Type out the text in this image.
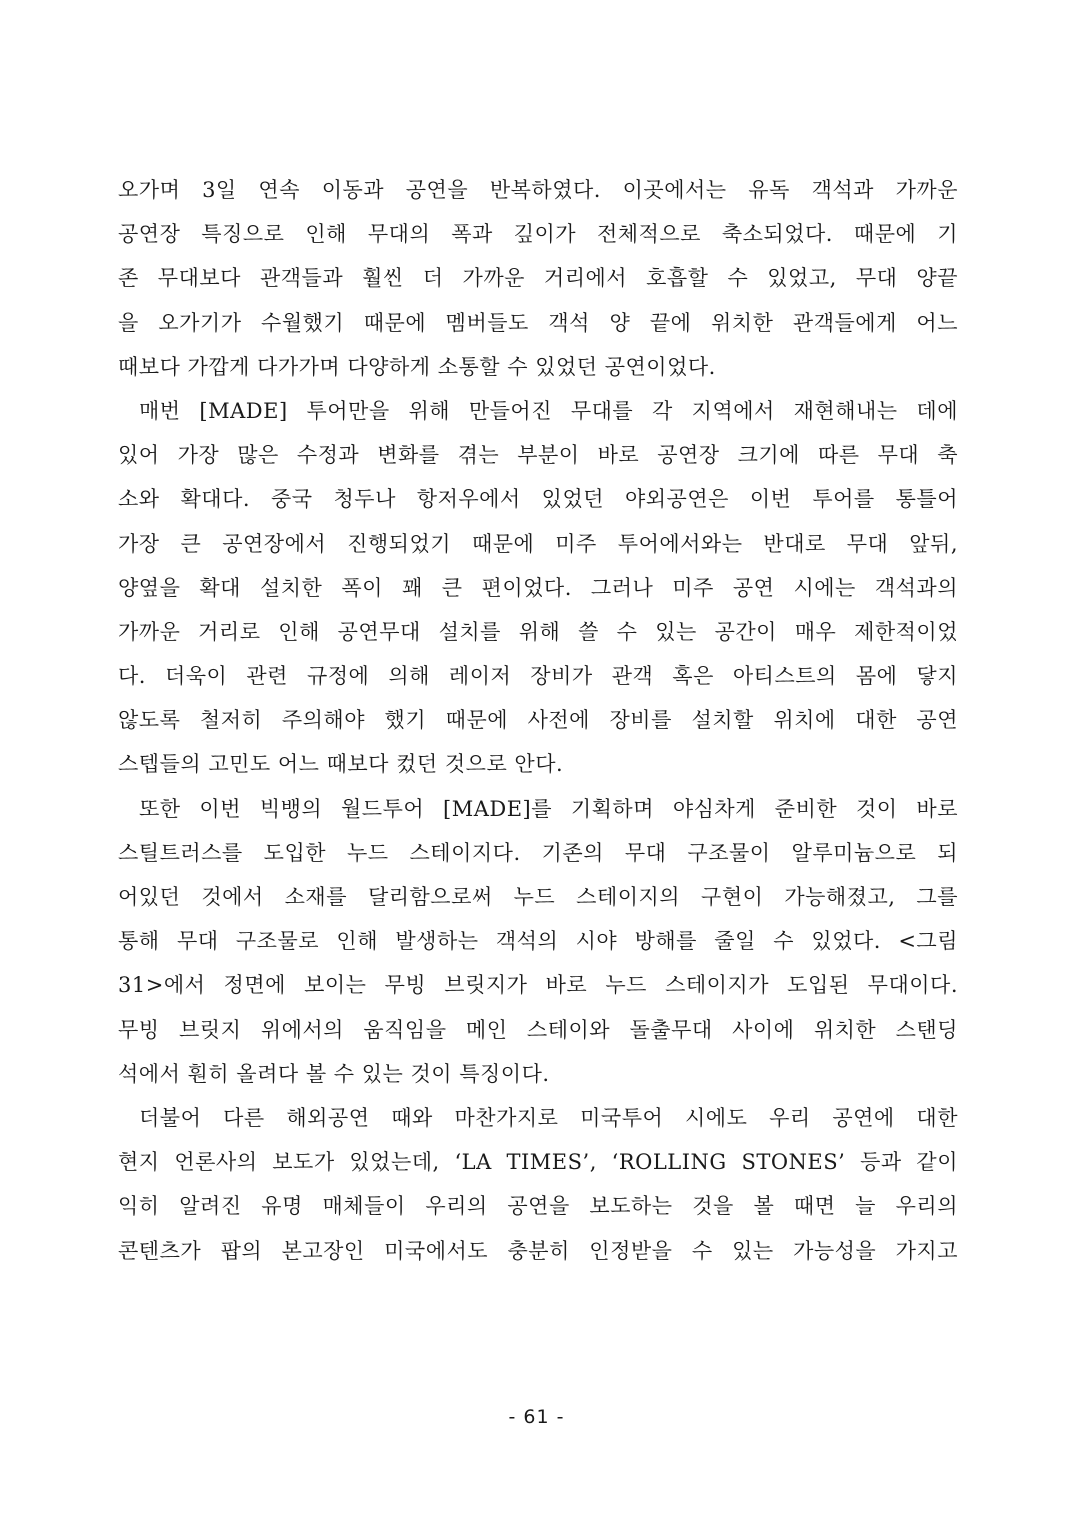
오가며 3일 연속 이동과 공연을 반복하였다. 이곳에서는 유독 객석과 가까운
공연장 특징으로 인해 무대의 폭과 깊이가 전체적으로 축소되었다. 때문에 기
존 무대보다 관객들과 훨씬 더 가까운 거리에서 호흡할 수 있었고, 무대 양끝
을 오가기가 수월했기 때문에 멤버들도 객석 양 끝에 위치한 관객들에게 어느
때보다 가깝게 다가가며 다양하게 소통할 수 있었던 공연이었다.
매번 [MADE] 투어만을 위해 만들어진 무대를 각 지역에서 재현해내는 데에
있어 가장 많은 수정과 변화를 겪는 부분이 바로 공연장 크기에 따른 무대 축
소와 확대다. 중국 청두나 항저우에서 있었던 야외공연은 이번 투어를 통틀어
가장 큰 공연장에서 진행되었기 때문에 미주 투어에서와는 반대로 무대 앞뒤,
양옆을 확대 설치한 폭이 꽤 큰 편이었다. 그러나 미주 공연 시에는 객석과의
가까운 거리로 인해 공연무대 설치를 위해 쓸 수 있는 공간이 매우 제한적이었
다. 더욱이 관련 규정에 의해 레이저 장비가 관객 혹은 아티스트의 몸에 닿지
않도록 철저히 주의해야 했기 때문에 사전에 장비를 설치할 위치에 대한 공연
스텝들의 고민도 어느 때보다 컸던 것으로 안다.
또한 이번 빅뱅의 월드투어 [MADE]를 기획하며 야심차게 준비한 것이 바로
스틸트러스를 도입한 누드 스테이지다. 기존의 무대 구조물이 알루미늄으로 되
어있던 것에서 소재를 달리함으로써 누드 스테이지의 구현이 가능해졌고, 그를
통해 무대 구조물로 인해 발생하는 객석의 시야 방해를 줄일 수 있었다. <그림
31>에서 정면에 보이는 무빙 브릿지가 바로 누드 스테이지가 도입된 무대이다.
무빙 브릿지 위에서의 움직임을 메인 스테이와 돌출무대 사이에 위치한 스탠딩
석에서 훤히 올려다 볼 수 있는 것이 특징이다.
더불어 다른 해외공연 때와 마찬가지로 미국투어 시에도 우리 공연에 대한
현지 언론사의 보도가 있었는데, ‘LA TIMES’, ‘ROLLING STONES’ 등과 같이
익히 알려진 유명 매체들이 우리의 공연을 보도하는 것을 볼 때면 늘 우리의
콘텐츠가 팝의 본고장인 미국에서도 충분히 인정받을 수 있는 가능성을 가지고
- 61 -
